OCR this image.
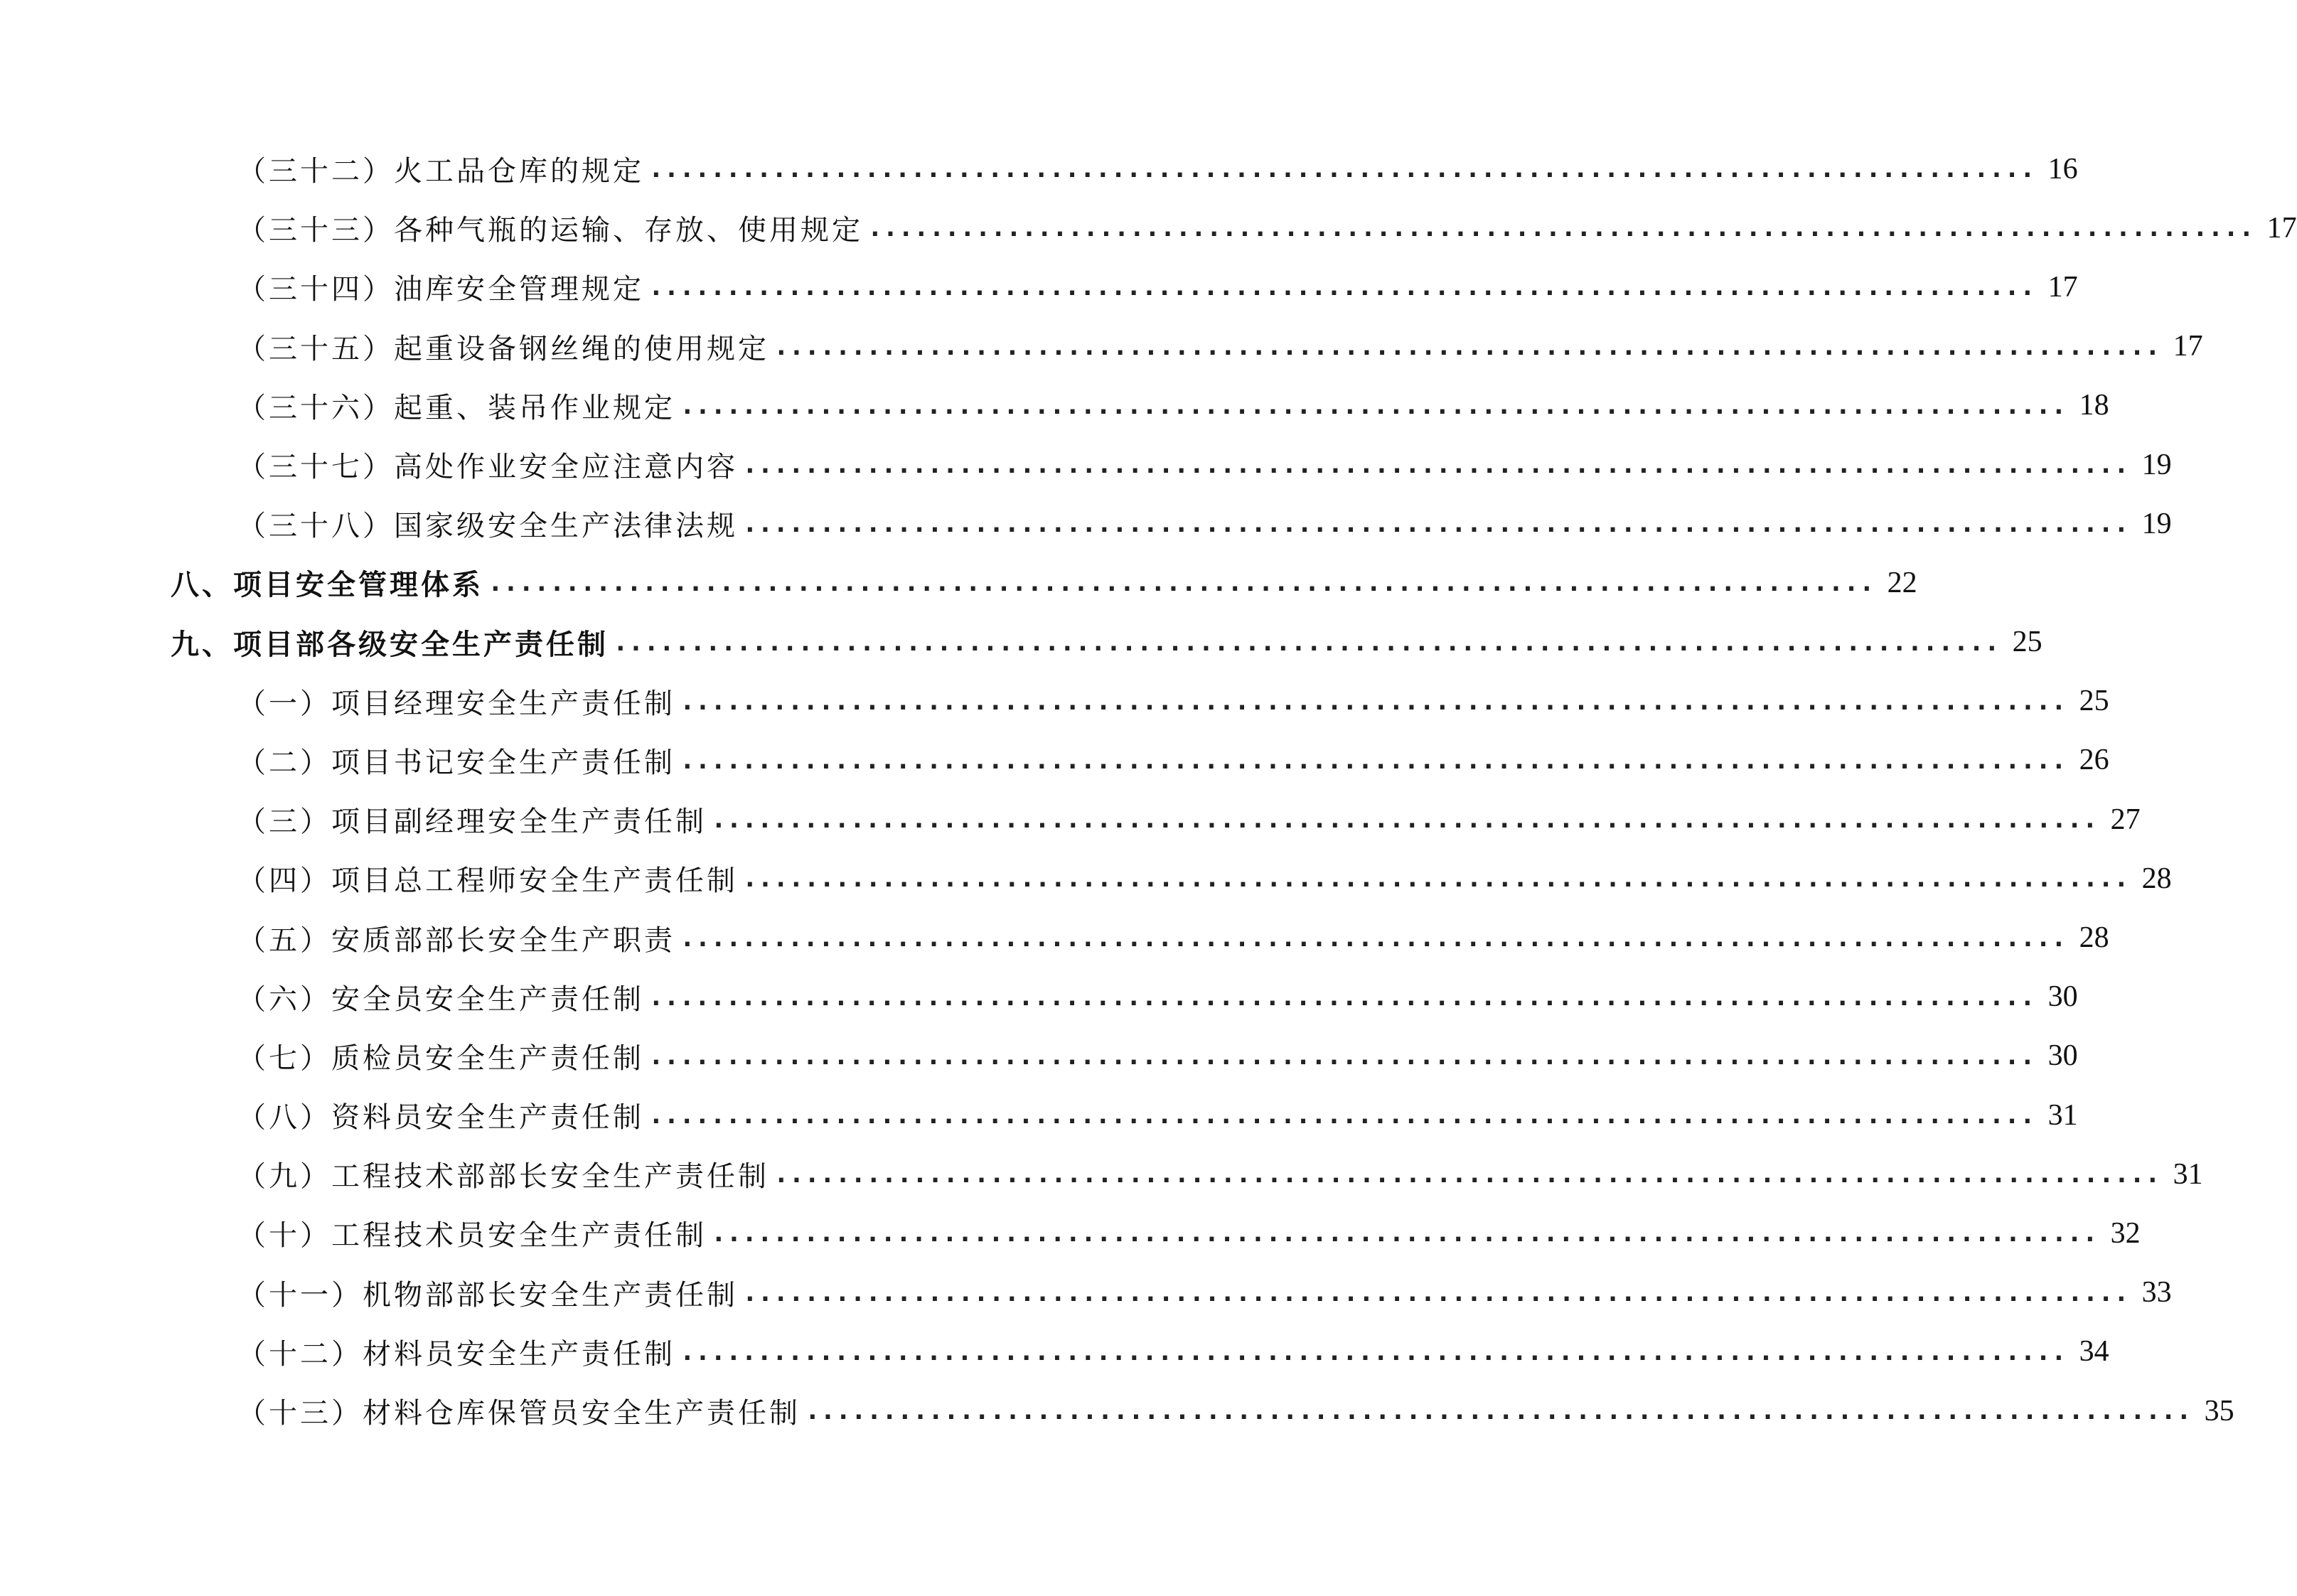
（三十二）火工品仓库的规定 .......................................................................................... 16
（三十三）各种气瓶的运输、存放、使用规定 .......................................................................................... 17
（三十四）油库安全管理规定 .......................................................................................... 17
（三十五）起重设备钢丝绳的使用规定 .......................................................................................... 17
（三十六）起重、装吊作业规定 .......................................................................................... 18
（三十七）高处作业安全应注意内容 .......................................................................................... 19
（三十八）国家级安全生产法律法规 .......................................................................................... 19
八、项目安全管理体系 .......................................................................................... 22
九、项目部各级安全生产责任制 .......................................................................................... 25
（一）项目经理安全生产责任制 .......................................................................................... 25
（二）项目书记安全生产责任制 .......................................................................................... 26
（三）项目副经理安全生产责任制 .......................................................................................... 27
（四）项目总工程师安全生产责任制 .......................................................................................... 28
（五）安质部部长安全生产职责 .......................................................................................... 28
（六）安全员安全生产责任制 .......................................................................................... 30
（七）质检员安全生产责任制 .......................................................................................... 30
（八）资料员安全生产责任制 .......................................................................................... 31
（九）工程技术部部长安全生产责任制 .......................................................................................... 31
（十）工程技术员安全生产责任制 .......................................................................................... 32
（十一）机物部部长安全生产责任制 .......................................................................................... 33
（十二）材料员安全生产责任制 .......................................................................................... 34
（十三）材料仓库保管员安全生产责任制 .......................................................................................... 35
